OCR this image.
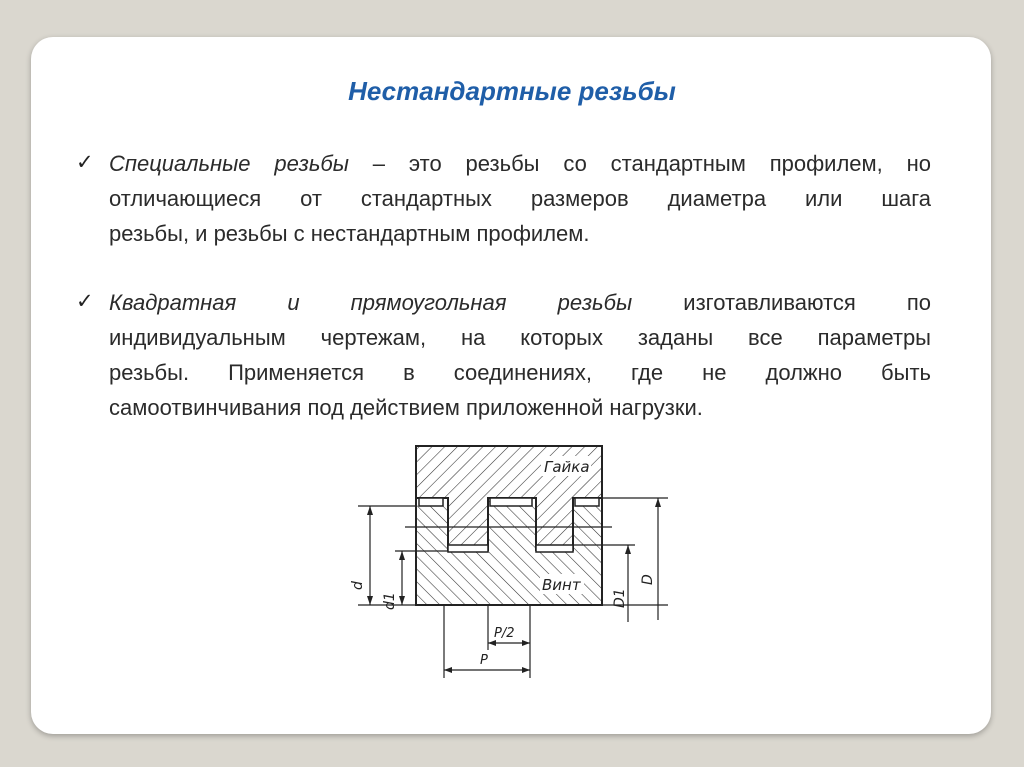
Нестандартные резьбы
✓ Специальные резьбы – это резьбы со стандартным профилем, но
отличающиеся от стандартных размеров диаметра или шага
резьбы, и резьбы с нестандартным профилем.
✓ Квадратная и прямоугольная резьбы изготавливаются по
индивидуальным чертежам, на которых заданы все параметры
резьбы. Применяется в соединениях, где не должно быть
самоотвинчивания под действием приложенной нагрузки.
Гайка
Винт
d
d1
D
D1
P/2
P
